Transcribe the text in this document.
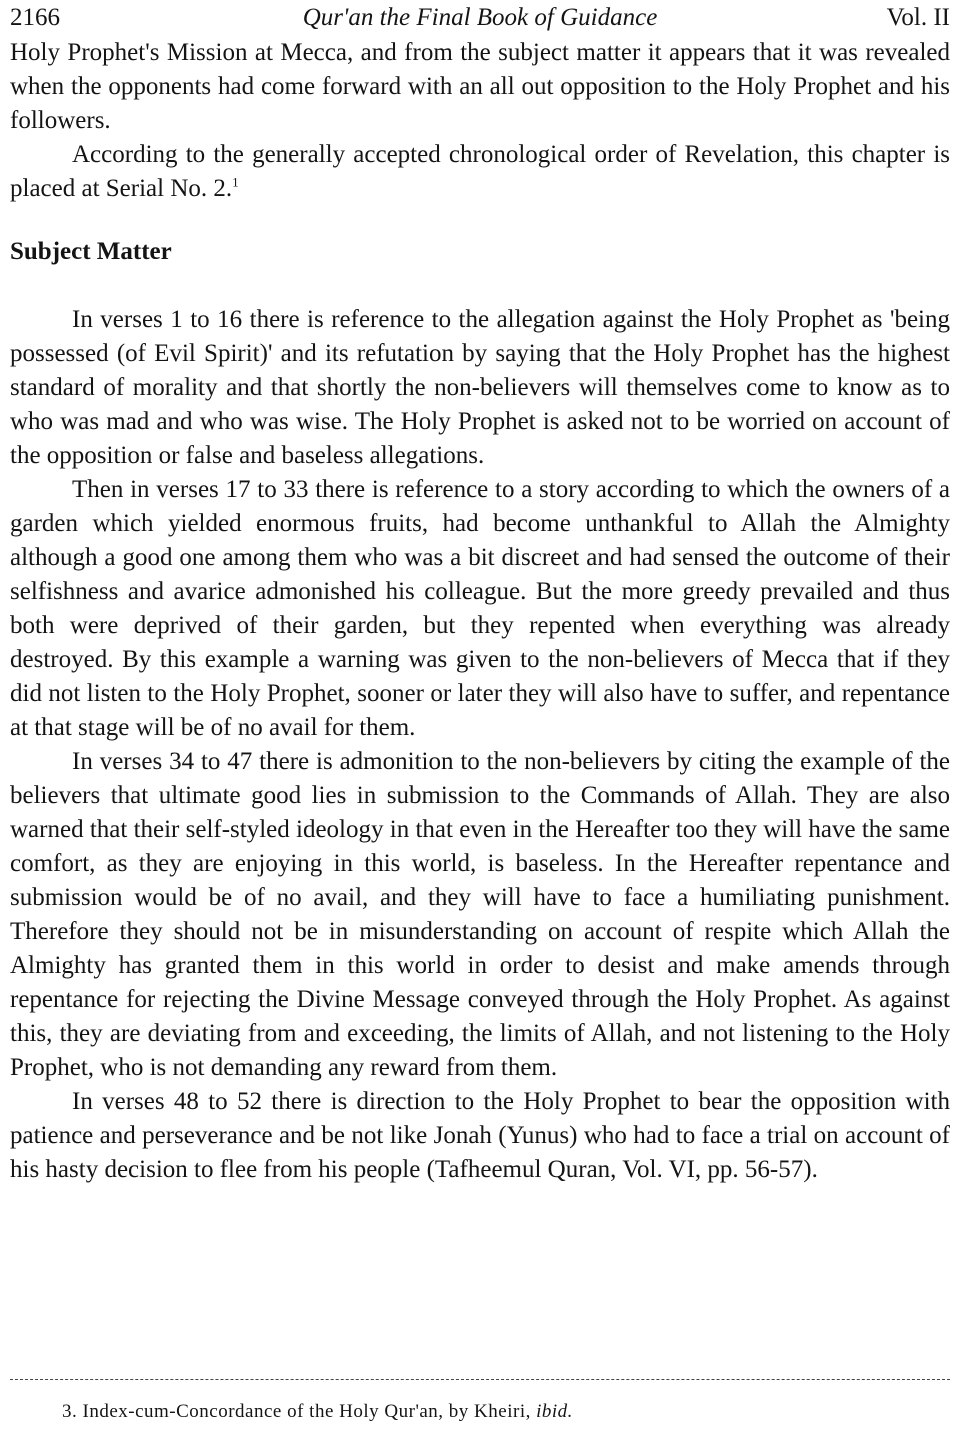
2166	Qur'an the Final Book of Guidance	Vol. II

Holy Prophet's Mission at Mecca, and from the subject matter it appears that it was revealed when the opponents had come forward with an all out opposition to the Holy Prophet and his followers.

According to the generally accepted chronological order of Revelation, this chapter is placed at Serial No. 2.$^1$

Subject Matter

In verses 1 to 16 there is reference to the allegation against the Holy Prophet as 'being possessed (of Evil Spirit)' and its refutation by saying that the Holy Prophet has the highest standard of morality and that shortly the non-believers will themselves come to know as to who was mad and who was wise. The Holy Prophet is asked not to be worried on account of the opposition or false and baseless allegations.

Then in verses 17 to 33 there is reference to a story according to which the owners of a garden which yielded enormous fruits, had become unthankful to Allah the Almighty although a good one among them who was a bit discreet and had sensed the outcome of their selfishness and avarice admonished his colleague. But the more greedy prevailed and thus both were deprived of their garden, but they repented when everything was already destroyed. By this example a warning was given to the non-believers of Mecca that if they did not listen to the Holy Prophet, sooner or later they will also have to suffer, and repentance at that stage will be of no avail for them.

In verses 34 to 47 there is admonition to the non-believers by citing the example of the believers that ultimate good lies in submission to the Commands of Allah. They are also warned that their self-styled ideology in that even in the Hereafter too they will have the same comfort, as they are enjoying in this world, is baseless. In the Hereafter repentance and submission would be of no avail, and they will have to face a humiliating punishment. Therefore they should not be in misunderstanding on account of respite which Allah the Almighty has granted them in this world in order to desist and make amends through repentance for rejecting the Divine Message conveyed through the Holy Prophet. As against this, they are deviating from and exceeding, the limits of Allah, and not listening to the Holy Prophet, who is not demanding any reward from them.

In verses 48 to 52 there is direction to the Holy Prophet to bear the opposition with patience and perseverance and be not like Jonah (Yunus) who had to face a trial on account of his hasty decision to flee from his people (Tafheemul Quran, Vol. VI, pp. 56-57).

3. Index-cum-Concordance of the Holy Qur'an, by Kheiri, ibid.
